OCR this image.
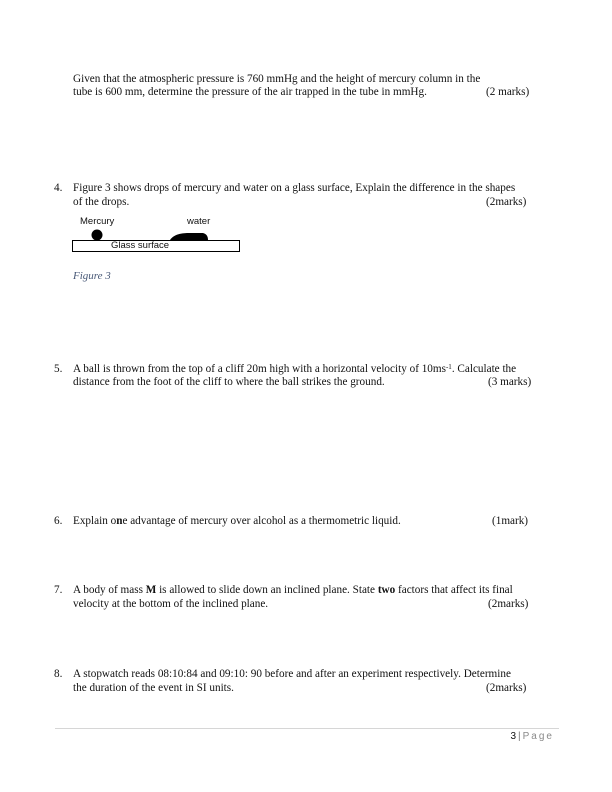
Given that the atmospheric pressure is 760 mmHg and the height of mercury column in the
tube is 600 mm, determine the pressure of the air trapped in the tube in mmHg.	(2 marks)
4. Figure 3 shows drops of mercury and water on a glass surface, Explain the difference in the shapes
of the drops.	(2marks)
Mercury	water
Glass surface
Figure 3
5. A ball is thrown from the top of a cliff 20m high with a horizontal velocity of $10ms^{-1}$. Calculate the
distance from the foot of the cliff to where the ball strikes the ground.	(3 marks)
6. Explain one advantage of mercury over alcohol as a thermometric liquid.	(1mark)
7. A body of mass M is allowed to slide down an inclined plane. State two factors that affect its final
velocity at the bottom of the inclined plane.	(2marks)
8. A stopwatch reads 08:10:84 and 09:10: 90 before and after an experiment respectively. Determine
the duration of the event in SI units.	(2marks)
3 | Page
